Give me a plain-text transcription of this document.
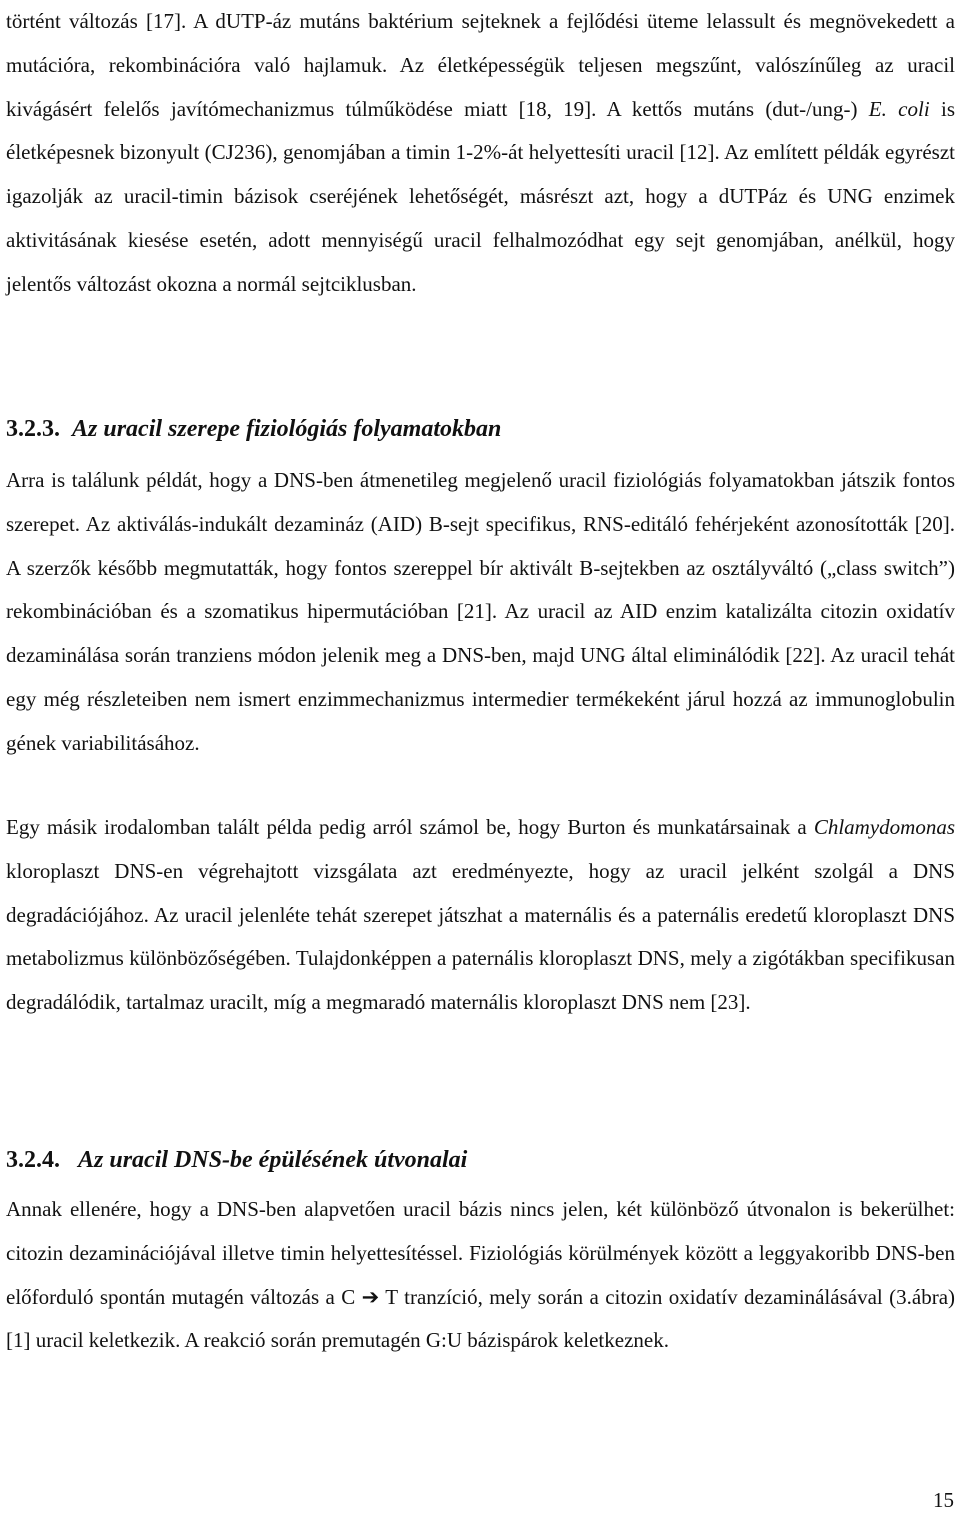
történt változás [17]. A dUTP-áz mutáns baktérium sejteknek a fejlődési üteme lelassult és megnövekedett a mutációra, rekombinációra való hajlamuk. Az életképességük teljesen megszűnt, valószínűleg az uracil kivágásért felelős javítómechanizmus túlműködése miatt [18, 19]. A kettős mutáns (dut-/ung-) E. coli is életképesnek bizonyult (CJ236), genomjában a timin 1-2%-át helyettesíti uracil [12]. Az említett példák egyrészt igazolják az uracil-timin bázisok cseréjének lehetőségét, másrészt azt, hogy a dUTPáz és UNG enzimek aktivitásának kiesése esetén, adott mennyiségű uracil felhalmozódhat egy sejt genomjában, anélkül, hogy jelentős változást okozna a normál sejtciklusban.

3.2.3. Az uracil szerepe fiziológiás folyamatokban

Arra is találunk példát, hogy a DNS-ben átmenetileg megjelenő uracil fiziológiás folyamatokban játszik fontos szerepet. Az aktiválás-indukált dezamináz (AID) B-sejt specifikus, RNS-editáló fehérjeként azonosították [20]. A szerzők később megmutatták, hogy fontos szereppel bír aktivált B-sejtekben az osztályváltó („class switch”) rekombinációban és a szomatikus hipermutációban [21]. Az uracil az AID enzim katalizálta citozin oxidatív dezaminálása során tranziens módon jelenik meg a DNS-ben, majd UNG által eliminálódik [22]. Az uracil tehát egy még részleteiben nem ismert enzimmechanizmus intermedier termékeként járul hozzá az immunoglobulin gének variabilitásához.

Egy másik irodalomban talált példa pedig arról számol be, hogy Burton és munkatársainak a Chlamydomonas kloroplaszt DNS-en végrehajtott vizsgálata azt eredményezte, hogy az uracil jelként szolgál a DNS degradációjához. Az uracil jelenléte tehát szerepet játszhat a maternális és a paternális eredetű kloroplaszt DNS metabolizmus különbözőségében. Tulajdonképpen a paternális kloroplaszt DNS, mely a zigótákban specifikusan degradálódik, tartalmaz uracilt, míg a megmaradó maternális kloroplaszt DNS nem [23].

3.2.4. Az uracil DNS-be épülésének útvonalai

Annak ellenére, hogy a DNS-ben alapvetően uracil bázis nincs jelen, két különböző útvonalon is bekerülhet: citozin dezaminációjával illetve timin helyettesítéssel. Fiziológiás körülmények között a leggyakoribb DNS-ben előforduló spontán mutagén változás a C ➔ T tranzíció, mely során a citozin oxidatív dezaminálásával (3.ábra) [1] uracil keletkezik. A reakció során premutagén G:U bázispárok keletkeznek.

15
